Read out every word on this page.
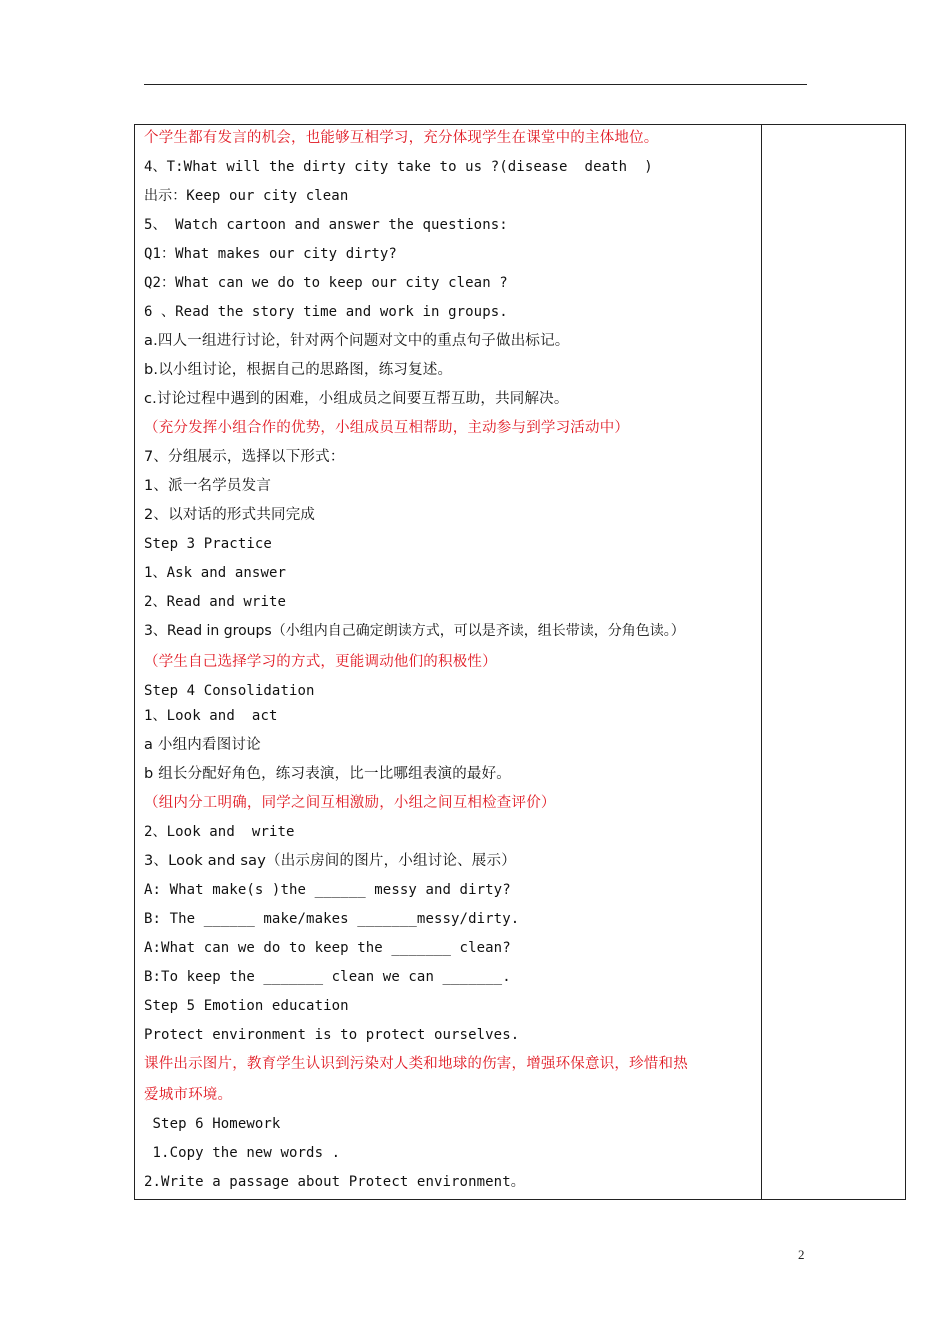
个学生都有发言的机会，也能够互相学习，充分体现学生在课堂中的主体地位。
4、T:What will the dirty city take to us ?(disease  death  )
出示：Keep our city clean
5、 Watch cartoon and answer the questions:
Q1：What makes our city dirty?
Q2：What can we do to keep our city clean ?
6 、Read the story time and work in groups.
a.四人一组进行讨论，针对两个问题对文中的重点句子做出标记。
b.以小组讨论，根据自己的思路图，练习复述。
c.讨论过程中遇到的困难，小组成员之间要互帮互助，共同解决。
（充分发挥小组合作的优势，小组成员互相帮助，主动参与到学习活动中）
7、分组展示，选择以下形式：
1、派一名学员发言
2、以对话的形式共同完成
Step 3 Practice
1、Ask and answer
2、Read and write
3、Read in groups（小组内自己确定朗读方式，可以是齐读，组长带读，分角色读。）
（学生自己选择学习的方式，更能调动他们的积极性）
Step 4 Consolidation
1、Look and  act
a 小组内看图讨论
b 组长分配好角色，练习表演，比一比哪组表演的最好。
（组内分工明确，同学之间互相激励，小组之间互相检查评价）
2、Look and  write
3、Look and say（出示房间的图片，小组讨论、展示）
A: What make(s )the ______ messy and dirty?
B: The ______ make/makes _______messy/dirty.
A:What can we do to keep the _______ clean?
B:To keep the _______ clean we can _______.
Step 5 Emotion education
Protect environment is to protect ourselves.
课件出示图片，教育学生认识到污染对人类和地球的伤害，增强环保意识，珍惜和热
爱城市环境。
Step 6 Homework
1.Copy the new words .
2.Write a passage about Protect environment。
2
